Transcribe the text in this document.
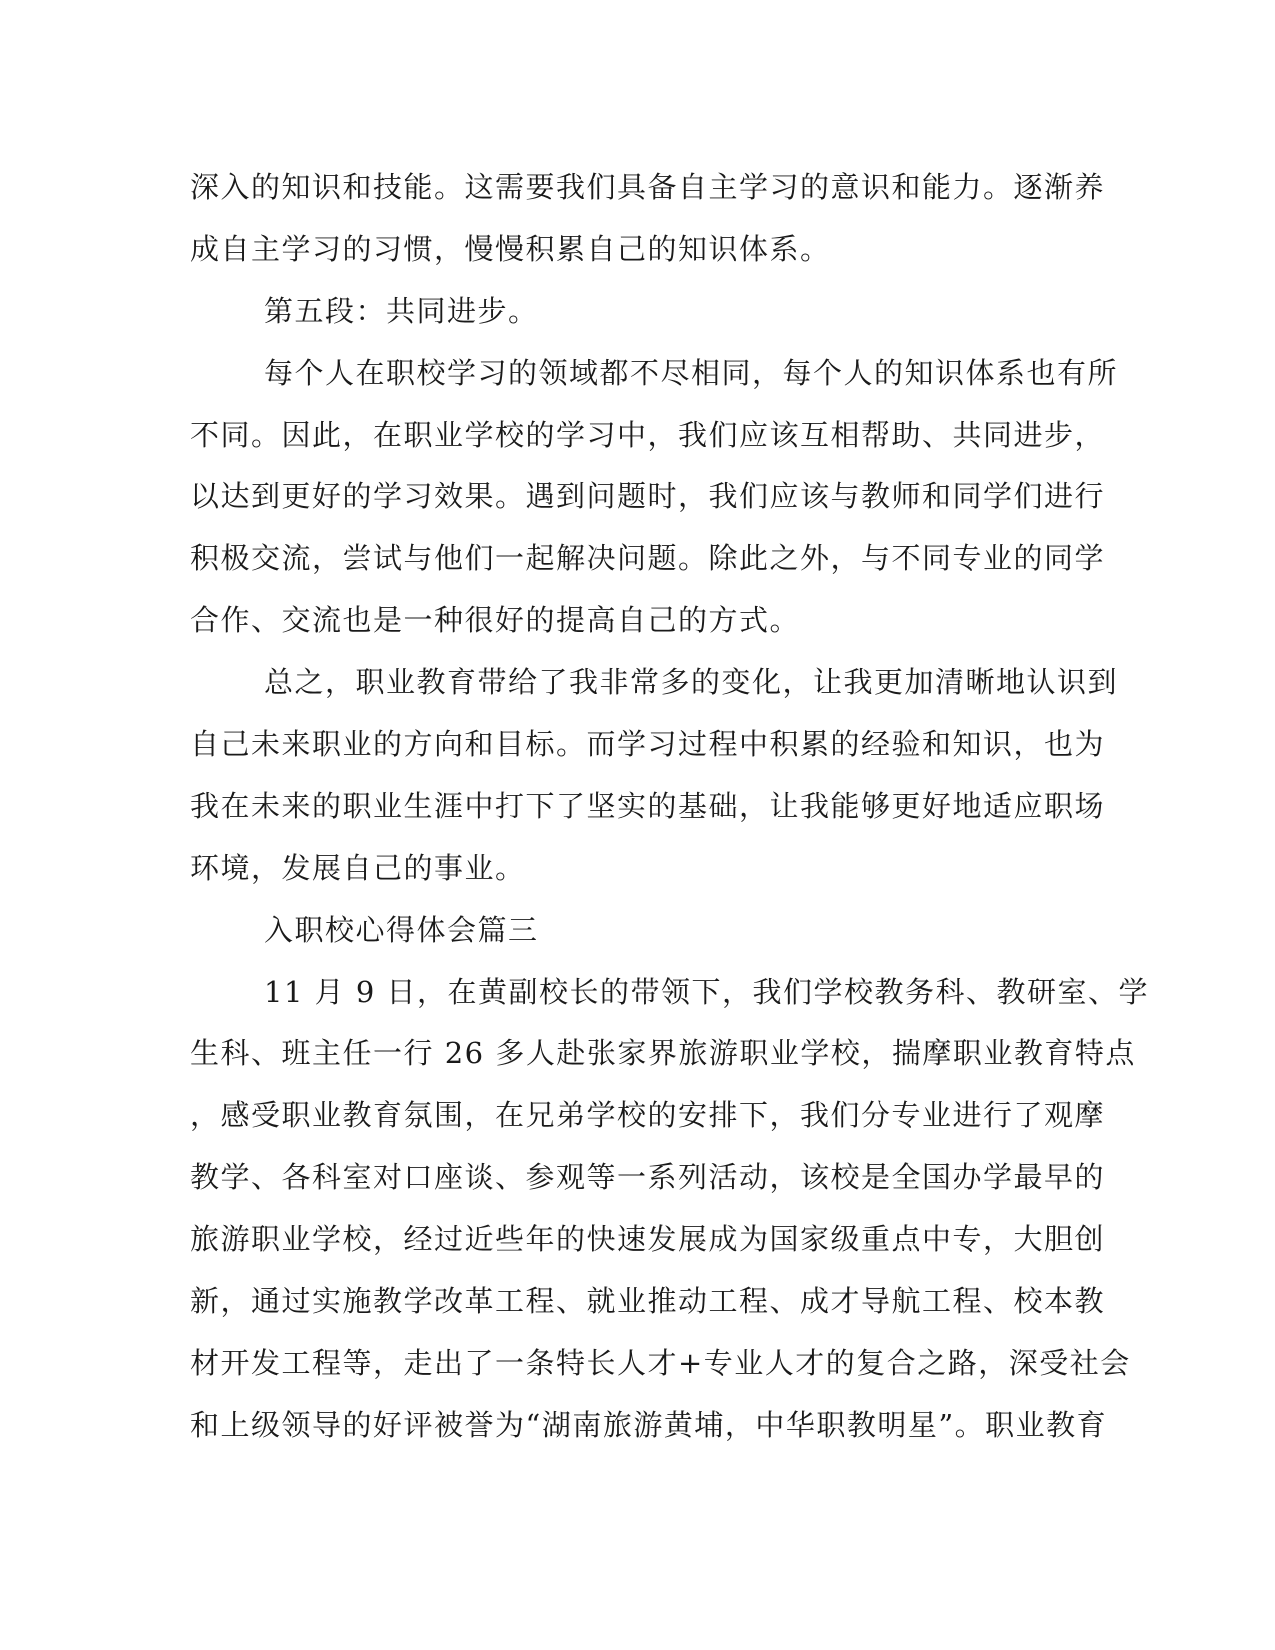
深入的知识和技能。这需要我们具备自主学习的意识和能力。逐渐养
成自主学习的习惯，慢慢积累自己的知识体系。
第五段：共同进步。
每个人在职校学习的领域都不尽相同，每个人的知识体系也有所
不同。因此，在职业学校的学习中，我们应该互相帮助、共同进步，
以达到更好的学习效果。遇到问题时，我们应该与教师和同学们进行
积极交流，尝试与他们一起解决问题。除此之外，与不同专业的同学
合作、交流也是一种很好的提高自己的方式。
总之，职业教育带给了我非常多的变化，让我更加清晰地认识到
自己未来职业的方向和目标。而学习过程中积累的经验和知识，也为
我在未来的职业生涯中打下了坚实的基础，让我能够更好地适应职场
环境，发展自己的事业。
入职校心得体会篇三
11 月 9 日，在黄副校长的带领下，我们学校教务科、教研室、学
生科、班主任一行 26 多人赴张家界旅游职业学校，揣摩职业教育特点
，感受职业教育氛围，在兄弟学校的安排下，我们分专业进行了观摩
教学、各科室对口座谈、参观等一系列活动，该校是全国办学最早的
旅游职业学校，经过近些年的快速发展成为国家级重点中专，大胆创
新，通过实施教学改革工程、就业推动工程、成才导航工程、校本教
材开发工程等，走出了一条特长人才+专业人才的复合之路，深受社会
和上级领导的好评被誉为“湖南旅游黄埔，中华职教明星”。职业教育
